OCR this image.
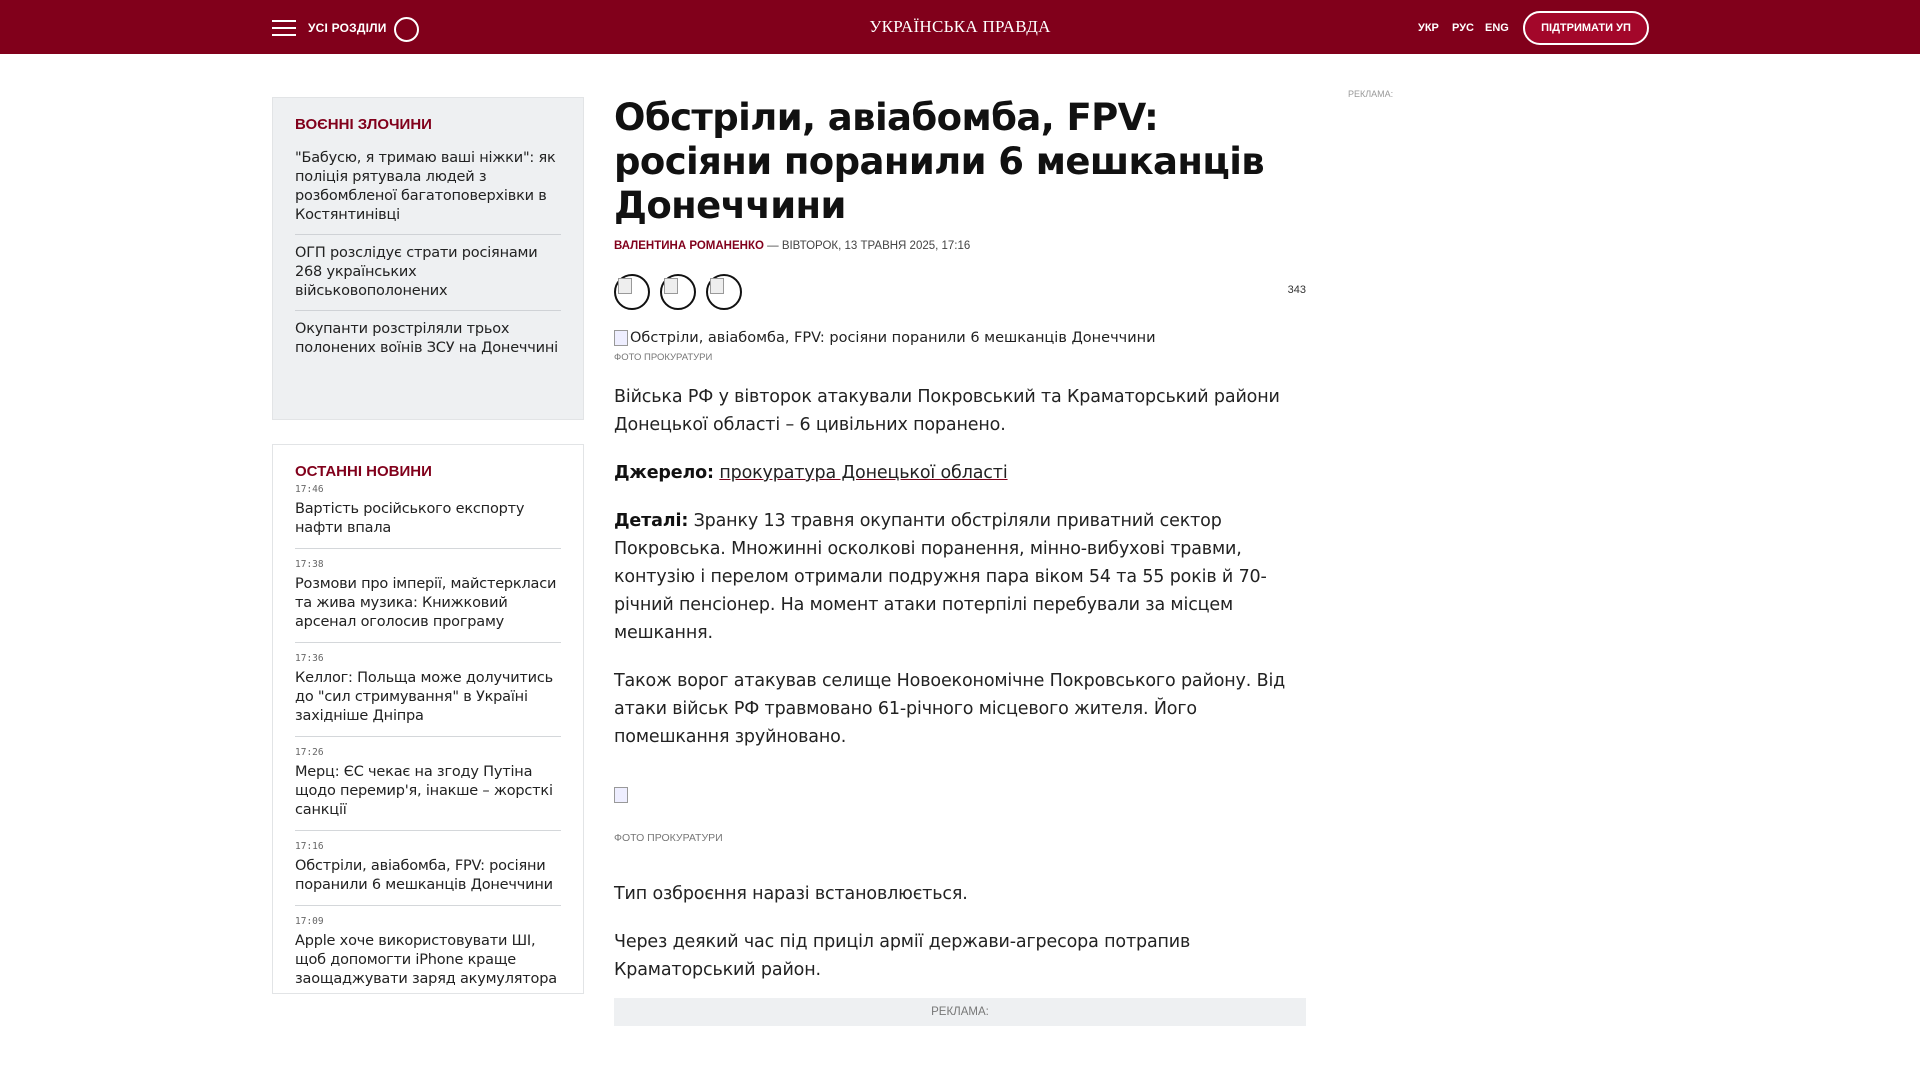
УСІ РОЗДІЛИ	УКРАЇНСЬКА ПРАВДА	УКР РУС ENG	ПІДТРИМАТИ УП
ВОЄННІ ЗЛОЧИНИ
"Бабусю, я тримаю ваші ніжки": як поліція рятувала людей з розбомбленої багатоповерхівки в Костянтинівці
ОГП розслідує страти росіянами 268 українських військовополонених
Окупанти розстріляли трьох полонених воїнів ЗСУ на Донеччині
ОСТАННІ НОВИНИ
17:46
Вартість російського експорту нафти впала
17:38
Розмови про імперії, майстеркласи та жива музика: Книжковий арсенал оголосив програму
17:36
Келлог: Польща може долучитись до "сил стримування" в Україні західніше Дніпра
17:26
Мерц: ЄС чекає на згоду Путіна щодо перемир'я, інакше – жорсткі санкції
17:16
Обстріли, авіабомба, FPV: росіяни поранили 6 мешканців Донеччини
17:09
Apple хоче використовувати ШІ, щоб допомогти iPhone краще заощаджувати заряд акумулятора
Обстріли, авіабомба, FPV: росіяни поранили 6 мешканців Донеччини
ВАЛЕНТИНА РОМАНЕНКО — ВІВТОРОК, 13 ТРАВНЯ 2025, 17:16
343
Обстріли, авіабомба, FPV: росіяни поранили 6 мешканців Донеччини
ФОТО ПРОКУРАТУРИ

Війська РФ у вівторок атакували Покровський та Краматорський райони Донецької області – 6 цивільних поранено.

Джерело: прокуратура Донецької області

Деталі: Зранку 13 травня окупанти обстріляли приватний сектор Покровська. Множинні осколкові поранення, мінно-вибухові травми, контузію і перелом отримали подружня пара віком 54 та 55 років й 70-річний пенсіонер. На момент атаки потерпілі перебували за місцем мешкання.

Також ворог атакував селище Новоекономічне Покровського району. Від атаки військ РФ травмовано 61-річного місцевого жителя. Його помешкання зруйновано.

ФОТО ПРОКУРАТУРИ

Тип озброєння наразі встановлюється.

Через деякий час під приціл армії держави-агресора потрапив Краматорський район.

РЕКЛАМА:
РЕКЛАМА:
